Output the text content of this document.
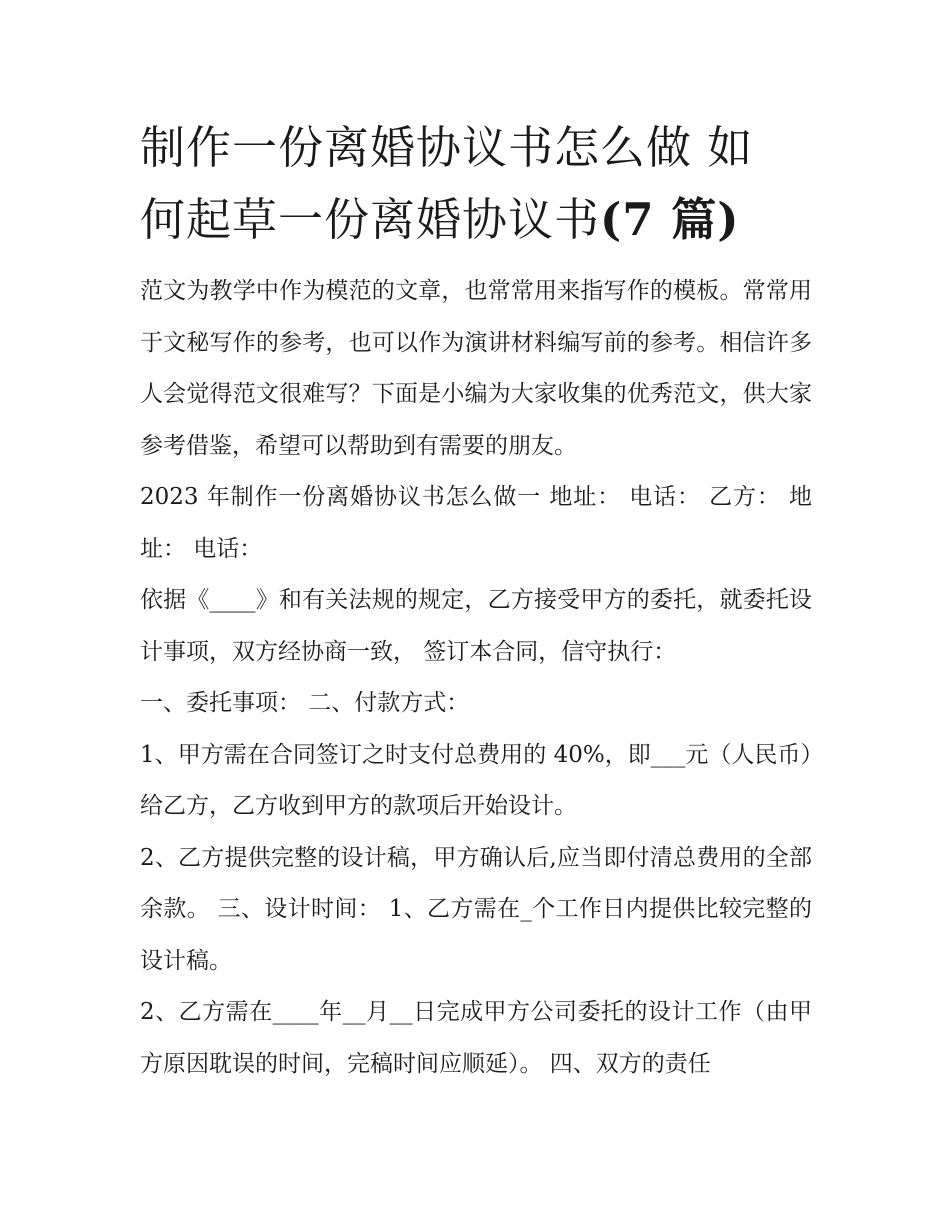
制作一份离婚协议书怎么做 如
何起草一份离婚协议书(7 篇)

范文为教学中作为模范的文章，也常常用来指写作的模板。常常用于文秘写作的参考，也可以作为演讲材料编写前的参考。相信许多人会觉得范文很难写？下面是小编为大家收集的优秀范文，供大家参考借鉴，希望可以帮助到有需要的朋友。

2023 年制作一份离婚协议书怎么做一 地址： 电话： 乙方： 地址： 电话：

依据《____》和有关法规的规定，乙方接受甲方的委托，就委托设计事项，双方经协商一致， 签订本合同，信守执行：

一、委托事项： 二、付款方式：

1、甲方需在合同签订之时支付总费用的 40%，即___元（人民币）给乙方，乙方收到甲方的款项后开始设计。

2、乙方提供完整的设计稿，甲方确认后,应当即付清总费用的全部余款。 三、设计时间： 1、乙方需在_个工作日内提供比较完整的设计稿。

2、乙方需在____年__月__日完成甲方公司委托的设计工作（由甲方原因耽误的时间，完稿时间应顺延）。 四、双方的责任
